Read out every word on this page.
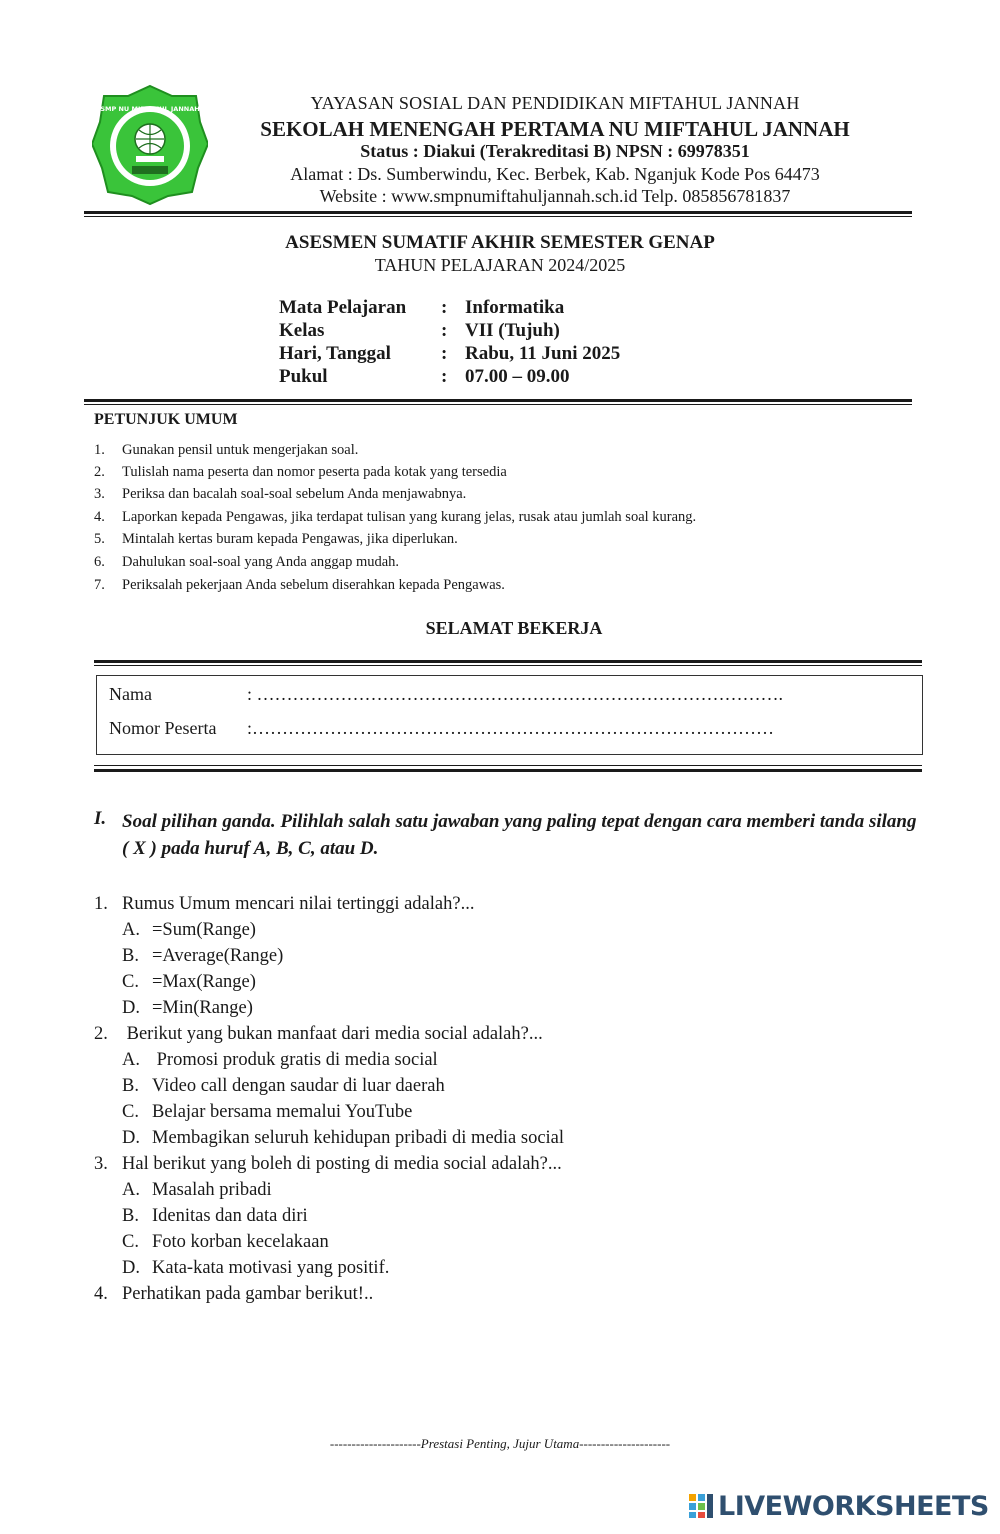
SMP NU MIFTAHUL JANNAH	YAYASAN SOSIAL DAN PENDIDIKAN MIFTAHUL JANNAH
SEKOLAH MENENGAH PERTAMA NU MIFTAHUL JANNAH
Status : Diakui (Terakreditasi B) NPSN : 69978351
Alamat : Ds. Sumberwindu, Kec. Berbek, Kab. Nganjuk Kode Pos 64473
Website : www.smpnumiftahuljannah.sch.id Telp. 085856781837
ASESMEN SUMATIF AKHIR SEMESTER GENAP
TAHUN PELAJARAN 2024/2025
Mata Pelajaran	: Informatika
Kelas	: VII (Tujuh)
Hari, Tanggal	: Rabu, 11 Juni 2025
Pukul	: 07.00 – 09.00
PETUNJUK UMUM
1. Gunakan pensil untuk mengerjakan soal.
2. Tulislah nama peserta dan nomor peserta pada kotak yang tersedia
3. Periksa dan bacalah soal-soal sebelum Anda menjawabnya.
4. Laporkan kepada Pengawas, jika terdapat tulisan yang kurang jelas, rusak atau jumlah soal kurang.
5. Mintalah kertas buram kepada Pengawas, jika diperlukan.
6. Dahulukan soal-soal yang Anda anggap mudah.
7. Periksalah pekerjaan Anda sebelum diserahkan kepada Pengawas.
SELAMAT BEKERJA
Nama	: …………………………………………………………………………….
Nomor Peserta :……………………………………………………………………………
I. Soal pilihan ganda. Pilihlah salah satu jawaban yang paling tepat dengan cara memberi tanda silang ( X ) pada huruf A, B, C, atau D.
1. Rumus Umum mencari nilai tertinggi adalah?...
A. =Sum(Range)
B. =Average(Range)
C. =Max(Range)
D. =Min(Range)
2. Berikut yang bukan manfaat dari media social adalah?...
A. Promosi produk gratis di media social
B. Video call dengan saudar di luar daerah
C. Belajar bersama memalui YouTube
D. Membagikan seluruh kehidupan pribadi di media social
3. Hal berikut yang boleh di posting di media social adalah?...
A. Masalah pribadi
B. Idenitas dan data diri
C. Foto korban kecelakaan
D. Kata-kata motivasi yang positif.
4. Perhatikan pada gambar berikut!..
---------------------Prestasi Penting, Jujur Utama---------------------
LIVEWORKSHEETS
